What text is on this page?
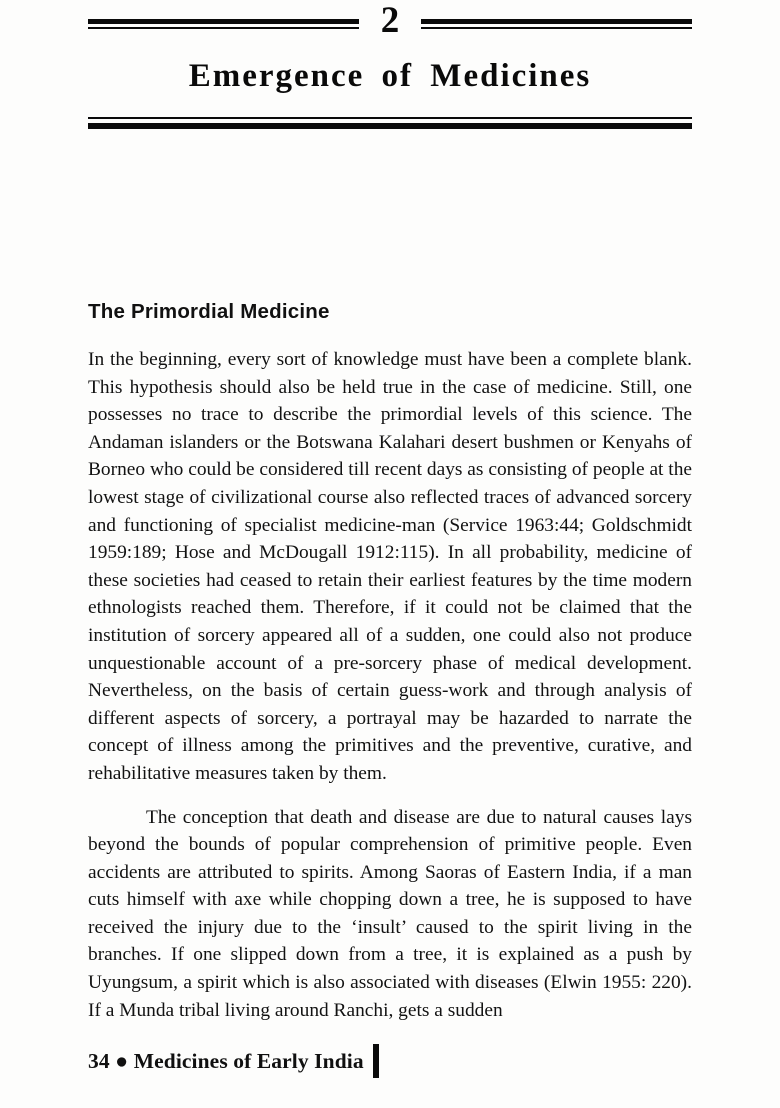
2
Emergence of Medicines
The Primordial Medicine

In the beginning, every sort of knowledge must have been a complete blank. This hypothesis should also be held true in the case of medicine. Still, one possesses no trace to describe the primordial levels of this science. The Andaman islanders or the Botswana Kalahari desert bushmen or Kenyahs of Borneo who could be considered till recent days as consisting of people at the lowest stage of civilizational course also reflected traces of advanced sorcery and functioning of specialist medicine-man (Service 1963:44; Goldschmidt 1959:189; Hose and McDougall 1912:115). In all probability, medicine of these societies had ceased to retain their earliest features by the time modern ethnologists reached them. Therefore, if it could not be claimed that the institution of sorcery appeared all of a sudden, one could also not produce unquestionable account of a pre-sorcery phase of medical development. Nevertheless, on the basis of certain guess-work and through analysis of different aspects of sorcery, a portrayal may be hazarded to narrate the concept of illness among the primitives and the preventive, curative, and rehabilitative measures taken by them.

The conception that death and disease are due to natural causes lays beyond the bounds of popular comprehension of primitive people. Even accidents are attributed to spirits. Among Saoras of Eastern India, if a man cuts himself with axe while chopping down a tree, he is supposed to have received the injury due to the ‘insult’ caused to the spirit living in the branches. If one slipped down from a tree, it is explained as a push by Uyungsum, a spirit which is also associated with diseases (Elwin 1955: 220). If a Munda tribal living around Ranchi, gets a sudden

34 ● Medicines of Early India
